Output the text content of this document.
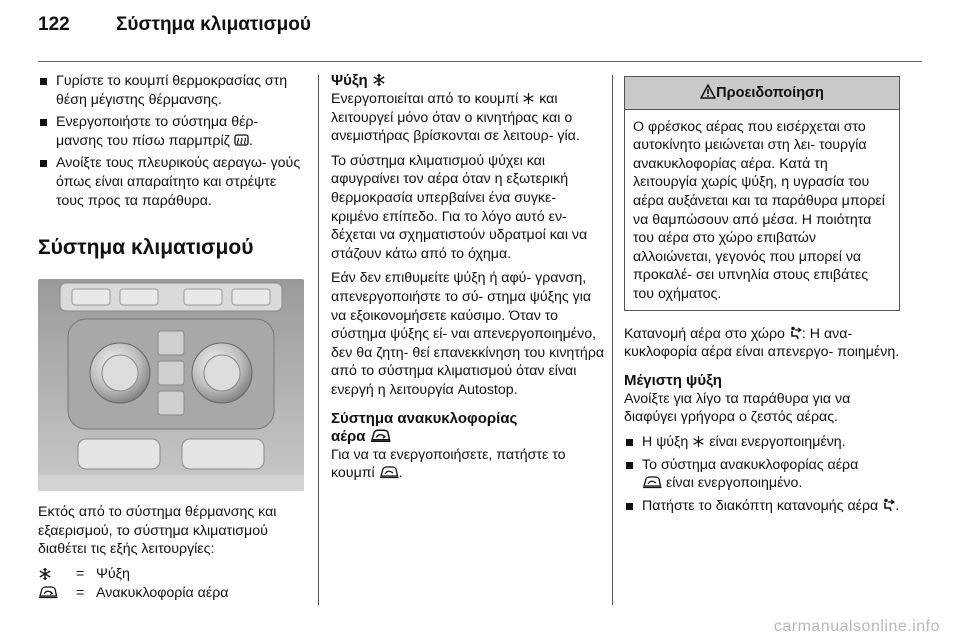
122 Σύστημα κλιματισμού
Γυρίστε το κουμπί θερμοκρασίας στη θέση μέγιστης θέρμανσης.
Ενεργοποιήστε το σύστημα θέρ‐ μανσης του πίσω παρμπρίζ .
Ανοίξτε τους πλευρικούς αεραγω‐ γούς όπως είναι απαραίτητο και στρέψτε τους προς τα παράθυρα.
Σύστημα κλιματισμού

Εκτός από το σύστημα θέρμανσης και εξαερισμού, το σύστημα κλιματισμού διαθέτει τις εξής λειτουργίες:

= Ψύξη
= Ανακυκλοφορία αέρα
Ψύξη

Ενεργοποιείται από το κουμπί και λειτουργεί μόνο όταν ο κινητήρας και ο ανεμιστήρας βρίσκονται σε λειτουρ‐ γία.

Το σύστημα κλιματισμού ψύχει και αφυγραίνει τον αέρα όταν η εξωτερική θερμοκρασία υπερβαίνει ένα συγκε‐ κριμένο επίπεδο. Για το λόγο αυτό εν‐ δέχεται να σχηματιστούν υδρατμοί και να στάζουν κάτω από το όχημα.

Εάν δεν επιθυμείτε ψύξη ή αφύ‐ γρανση, απενεργοποιήστε το σύ‐ στημα ψύξης για να εξοικονομήσετε καύσιμο. Όταν το σύστημα ψύξης εί‐ ναι απενεργοποιημένο, δεν θα ζητη‐ θεί επανεκκίνηση του κινητήρα από το σύστημα κλιματισμού όταν είναι ενεργή η λειτουργία Autostop.

Σύστημα ανακυκλοφορίας
αέρα

Για να τα ενεργοποιήσετε, πατήστε το κουμπί .

Προειδοποίηση
Ο φρέσκος αέρας που εισέρχεται στο αυτοκίνητο μειώνεται στη λει‐ τουργία ανακυκλοφορίας αέρα. Κατά τη λειτουργία χωρίς ψύξη, η υγρασία του αέρα αυξάνεται και τα παράθυρα μπορεί να θαμπώσουν από μέσα. Η ποιότητα του αέρα στο χώρο επιβατών αλλοιώνεται, γεγονός που μπορεί να προκαλέ‐ σει υπνηλία στους επιβάτες του οχήματος.

Κατανομή αέρα στο χώρο : Η ανα‐ κυκλοφορία αέρα είναι απενεργο‐ ποιημένη.

Μέγιστη ψύξη

Ανοίξτε για λίγο τα παράθυρα για να διαφύγει γρήγορα ο ζεστός αέρας.

Η ψύξη είναι ενεργοποιημένη.
Το σύστημα ανακυκλοφορίας αέρα
είναι ενεργοποιημένο.
Πατήστε το διακόπτη κατανομής αέρα .
carmanualsonline.info
